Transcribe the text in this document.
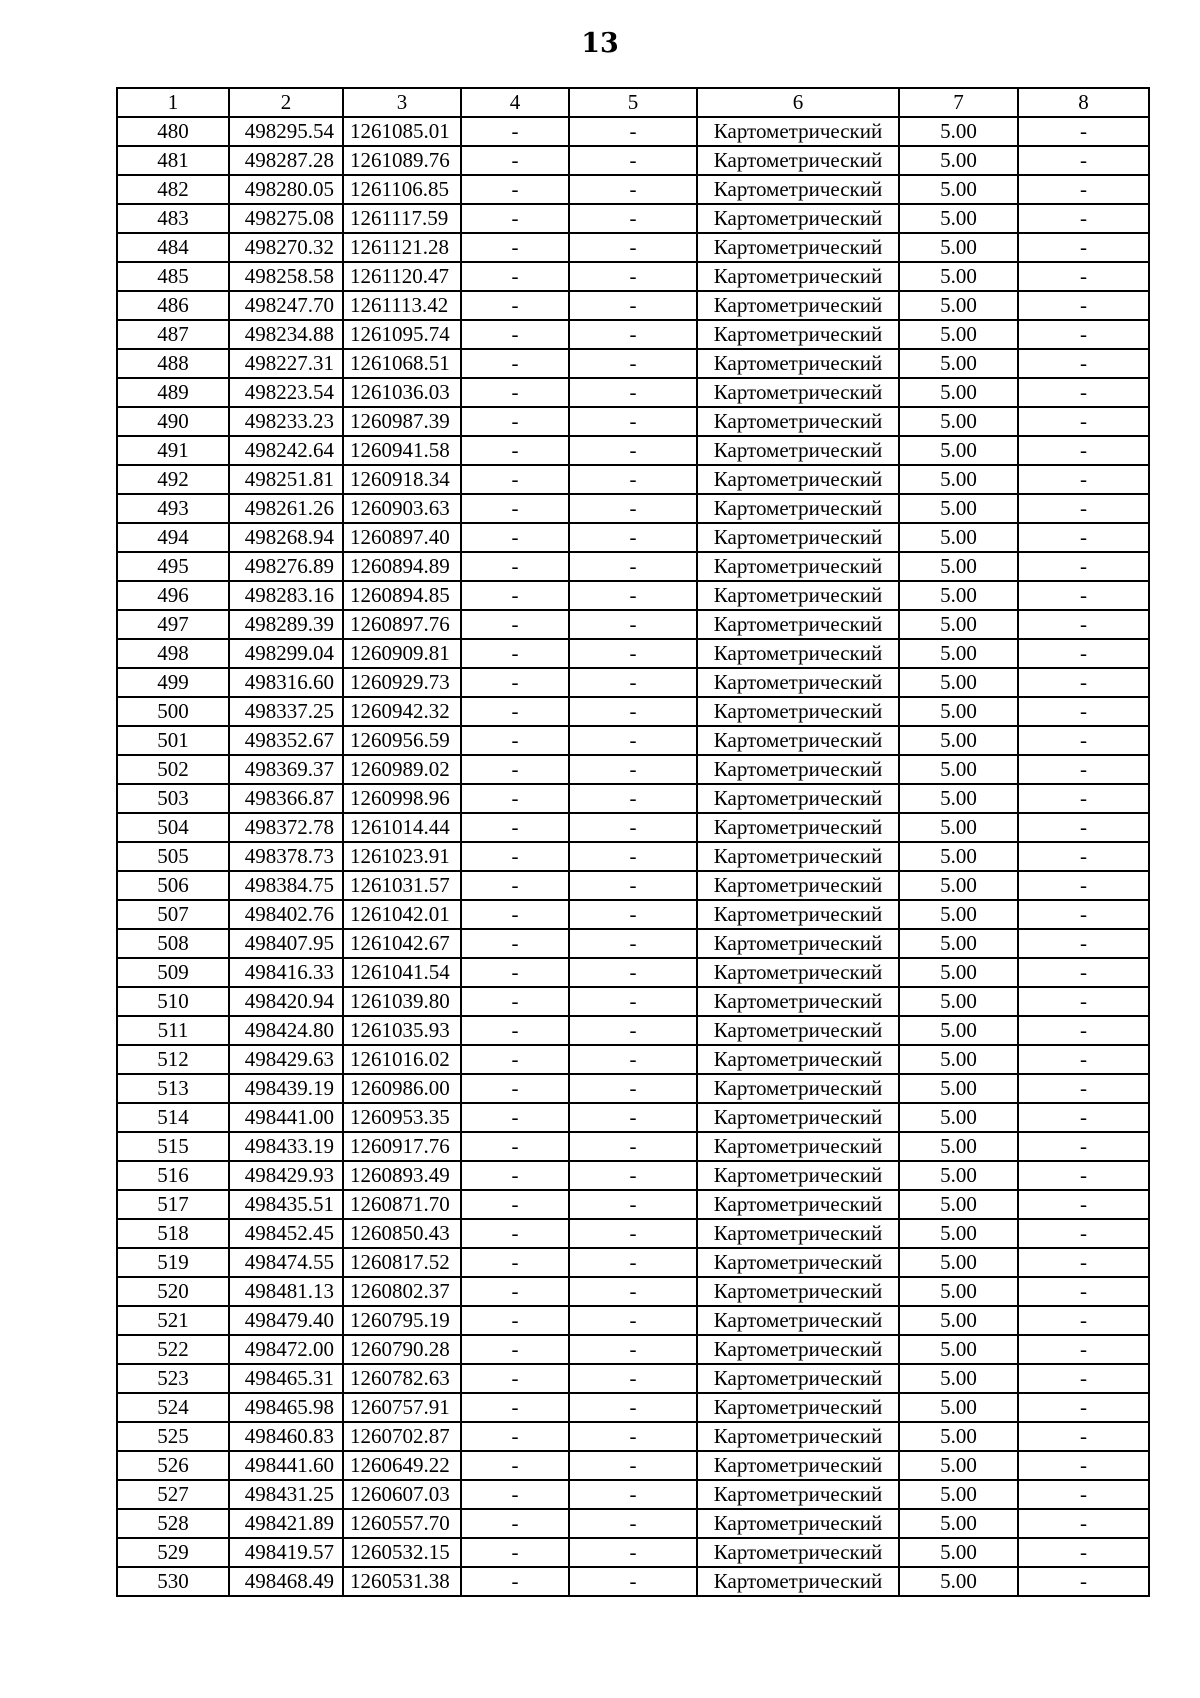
13
1	2	3	4	5	6	7	8
480	498295.54	1261085.01	-	-	Картометрический	5.00	-
481	498287.28	1261089.76	-	-	Картометрический	5.00	-
482	498280.05	1261106.85	-	-	Картометрический	5.00	-
483	498275.08	1261117.59	-	-	Картометрический	5.00	-
484	498270.32	1261121.28	-	-	Картометрический	5.00	-
485	498258.58	1261120.47	-	-	Картометрический	5.00	-
486	498247.70	1261113.42	-	-	Картометрический	5.00	-
487	498234.88	1261095.74	-	-	Картометрический	5.00	-
488	498227.31	1261068.51	-	-	Картометрический	5.00	-
489	498223.54	1261036.03	-	-	Картометрический	5.00	-
490	498233.23	1260987.39	-	-	Картометрический	5.00	-
491	498242.64	1260941.58	-	-	Картометрический	5.00	-
492	498251.81	1260918.34	-	-	Картометрический	5.00	-
493	498261.26	1260903.63	-	-	Картометрический	5.00	-
494	498268.94	1260897.40	-	-	Картометрический	5.00	-
495	498276.89	1260894.89	-	-	Картометрический	5.00	-
496	498283.16	1260894.85	-	-	Картометрический	5.00	-
497	498289.39	1260897.76	-	-	Картометрический	5.00	-
498	498299.04	1260909.81	-	-	Картометрический	5.00	-
499	498316.60	1260929.73	-	-	Картометрический	5.00	-
500	498337.25	1260942.32	-	-	Картометрический	5.00	-
501	498352.67	1260956.59	-	-	Картометрический	5.00	-
502	498369.37	1260989.02	-	-	Картометрический	5.00	-
503	498366.87	1260998.96	-	-	Картометрический	5.00	-
504	498372.78	1261014.44	-	-	Картометрический	5.00	-
505	498378.73	1261023.91	-	-	Картометрический	5.00	-
506	498384.75	1261031.57	-	-	Картометрический	5.00	-
507	498402.76	1261042.01	-	-	Картометрический	5.00	-
508	498407.95	1261042.67	-	-	Картометрический	5.00	-
509	498416.33	1261041.54	-	-	Картометрический	5.00	-
510	498420.94	1261039.80	-	-	Картометрический	5.00	-
511	498424.80	1261035.93	-	-	Картометрический	5.00	-
512	498429.63	1261016.02	-	-	Картометрический	5.00	-
513	498439.19	1260986.00	-	-	Картометрический	5.00	-
514	498441.00	1260953.35	-	-	Картометрический	5.00	-
515	498433.19	1260917.76	-	-	Картометрический	5.00	-
516	498429.93	1260893.49	-	-	Картометрический	5.00	-
517	498435.51	1260871.70	-	-	Картометрический	5.00	-
518	498452.45	1260850.43	-	-	Картометрический	5.00	-
519	498474.55	1260817.52	-	-	Картометрический	5.00	-
520	498481.13	1260802.37	-	-	Картометрический	5.00	-
521	498479.40	1260795.19	-	-	Картометрический	5.00	-
522	498472.00	1260790.28	-	-	Картометрический	5.00	-
523	498465.31	1260782.63	-	-	Картометрический	5.00	-
524	498465.98	1260757.91	-	-	Картометрический	5.00	-
525	498460.83	1260702.87	-	-	Картометрический	5.00	-
526	498441.60	1260649.22	-	-	Картометрический	5.00	-
527	498431.25	1260607.03	-	-	Картометрический	5.00	-
528	498421.89	1260557.70	-	-	Картометрический	5.00	-
529	498419.57	1260532.15	-	-	Картометрический	5.00	-
530	498468.49	1260531.38	-	-	Картометрический	5.00	-
